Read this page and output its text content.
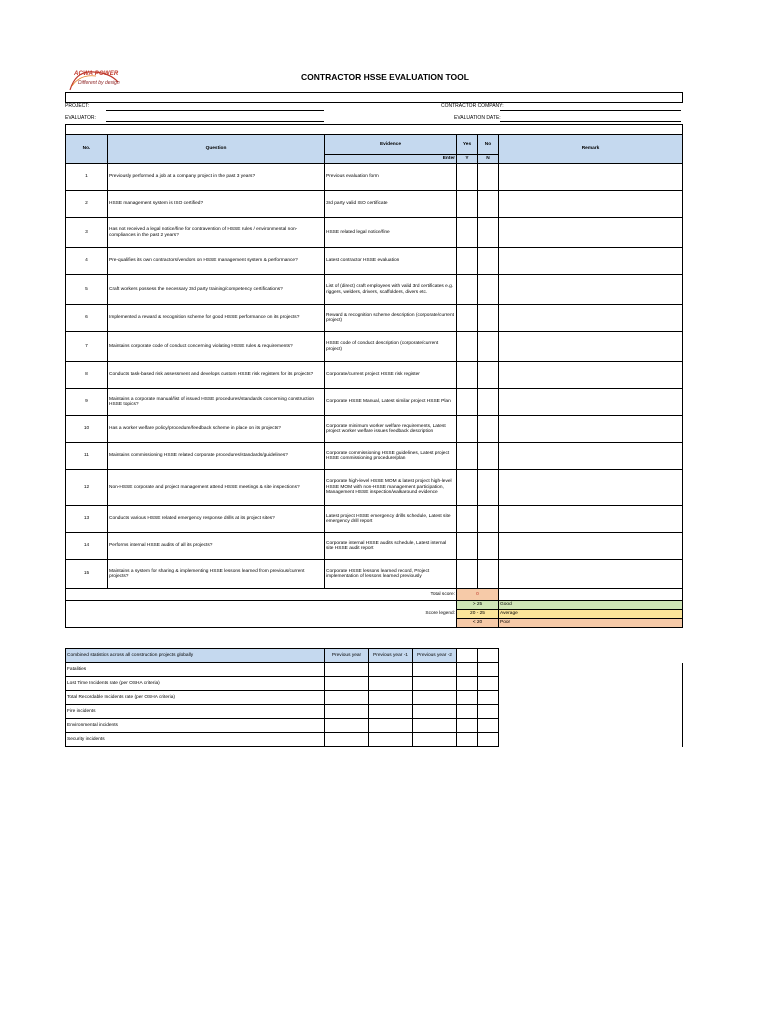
ACWA POWER
Different by design
CONTRACTOR HSSE EVALUATION TOOL
PROJECT:
EVALUATOR:
CONTRACTOR COMPANY:
EVALUATION DATE:
No.	Question	Evidence	Yes	No	Remark
		Enter	Y	N	
1	Previously performed a job at a company project in the past 3 years?	Previous evaluation form			
2	HSSE management system is ISO certified?	3rd party valid ISO certificate			
3	Has not received a legal notice/fine for contravention of HSSE rules / environmental non-compliances in the past 2 years?	HSSE related legal notice/fine			
4	Pre-qualifies its own contractors/vendors on HSSE management system & performance?	Latest contractor HSSE evaluation			
5	Craft workers possess the necessary 3rd party training/competency certifications?	List of (direct) craft employees with valid 3rd certificates e.g. riggers, welders, drivers, scaffolders, divers etc.			
6	Implemented a reward & recognition scheme for good HSSE performance on its projects?	Reward & recognition scheme description (corporate/current project)			
7	Maintains corporate code of conduct concerning violating HSSE rules & requirements?	HSSE code of conduct description (corporate/current project)			
8	Conducts task-based risk assessment and develops custom HSSE risk registers for its projects?	Corporate/current project HSSE risk register			
9	Maintains a corporate manual/list of issued HSSE procedures/standards concerning construction HSSE topics?	Corporate HSSE Manual, Latest similar project HSSE Plan			
10	Has a worker welfare policy/procedure/feedback scheme in place on its projects?	Corporate minimum worker welfare requirements, Latest project worker welfare issues feedback description			
11	Maintains commissioning HSSE related corporate procedures/standards/guidelines?	Corporate commissioning HSSE guidelines, Latest project HSSE commissioning procedure/plan			
12	Non-HSSE corporate and project management attend HSSE meetings & site inspections?	Corporate high-level HSSE MOM & latest project high-level HSSE MOM with non-HSSE management participation, Management HSSE inspection/walkaround evidence			
13	Conducts various HSSE related emergency response drills at its project sites?	Latest project HSSE emergency drills schedule, Latest site emergency drill report			
14	Performs internal HSSE audits of all its projects?	Corporate internal HSSE audits schedule, Latest internal site HSSE audit report			
15	Maintains a system for sharing & implementing HSSE lessons learned from previous/current projects?	Corporate HSSE lessons learned record, Project implementation of lessons learned previously			
Total score:			0		
Score legend:			> 25		Good
			20 - 25		Average
			< 20		Poor
Combined statistics across all construction projects globally	Previous year	Previous year -1	Previous year -2			
Fatalities						
Lost Time Incidents rate (per OSHA criteria)						
Total Recordable Incidents rate (per OSHA criteria)						
Fire incidents						
Environmental incidents						
Security incidents						
